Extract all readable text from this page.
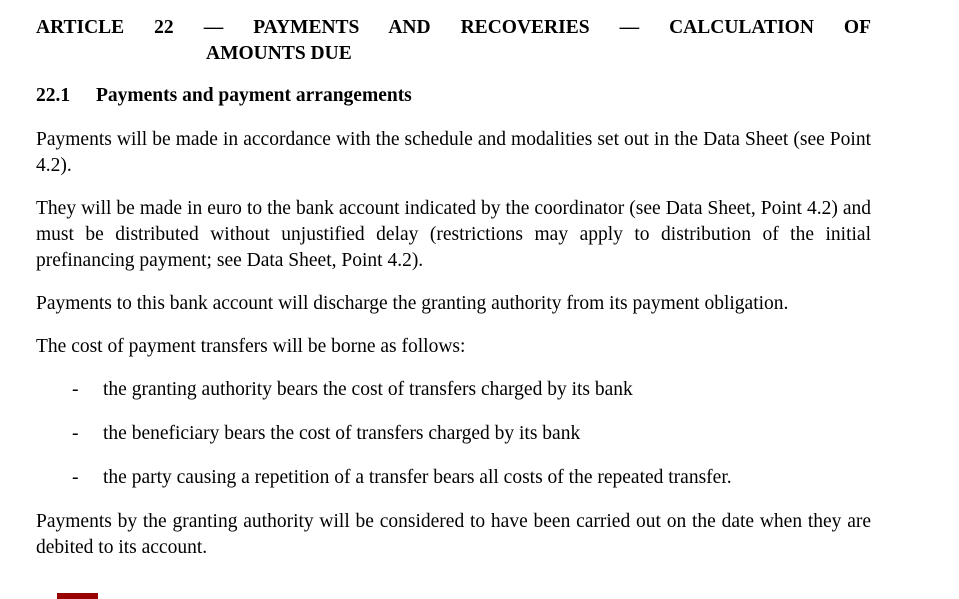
ARTICLE 22 — PAYMENTS AND RECOVERIES — CALCULATION OF
AMOUNTS DUE
22.1	Payments and payment arrangements

Payments will be made in accordance with the schedule and modalities set out in the Data Sheet (see Point 4.2).

They will be made in euro to the bank account indicated by the coordinator (see Data Sheet, Point 4.2) and must be distributed without unjustified delay (restrictions may apply to distribution of the initial prefinancing payment; see Data Sheet, Point 4.2).

Payments to this bank account will discharge the granting authority from its payment obligation.

The cost of payment transfers will be borne as follows:

-	the granting authority bears the cost of transfers charged by its bank
-	the beneficiary bears the cost of transfers charged by its bank
-	the party causing a repetition of a transfer bears all costs of the repeated transfer.

Payments by the granting authority will be considered to have been carried out on the date when they are debited to its account.
